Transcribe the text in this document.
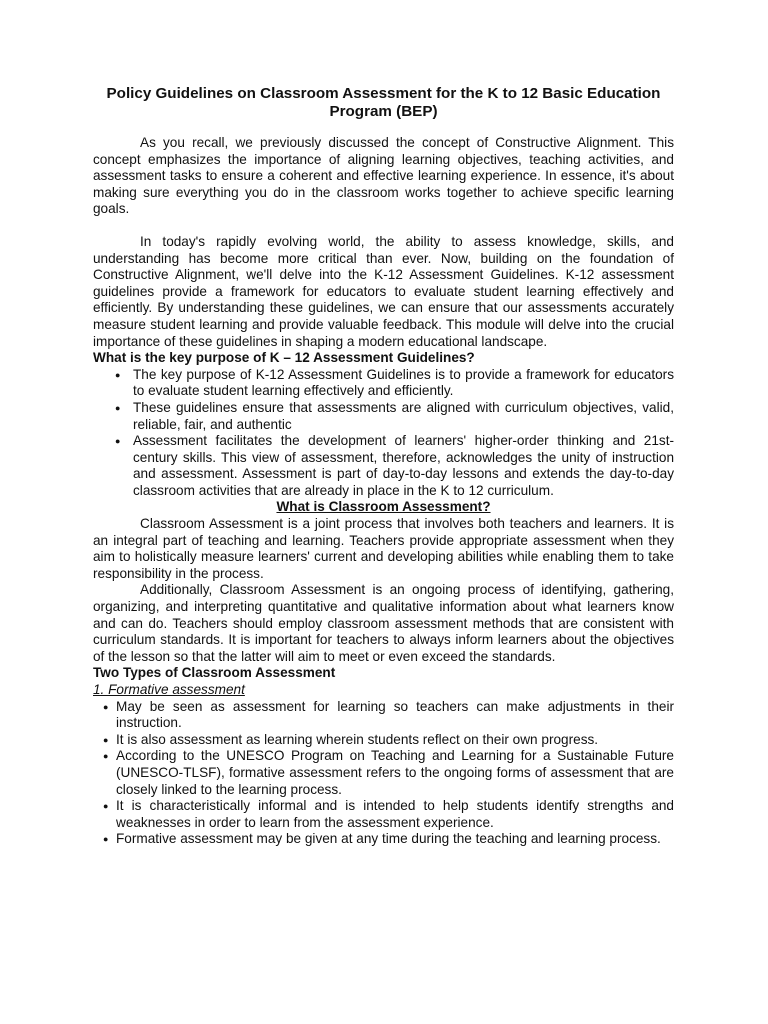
Policy Guidelines on Classroom Assessment for the K to 12 Basic Education Program (BEP)

As you recall, we previously discussed the concept of Constructive Alignment. This concept emphasizes the importance of aligning learning objectives, teaching activities, and assessment tasks to ensure a coherent and effective learning experience. In essence, it's about making sure everything you do in the classroom works together to achieve specific learning goals.

In today's rapidly evolving world, the ability to assess knowledge, skills, and understanding has become more critical than ever. Now, building on the foundation of Constructive Alignment, we'll delve into the K-12 Assessment Guidelines. K-12 assessment guidelines provide a framework for educators to evaluate student learning effectively and efficiently. By understanding these guidelines, we can ensure that our assessments accurately measure student learning and provide valuable feedback. This module will delve into the crucial importance of these guidelines in shaping a modern educational landscape.

What is the key purpose of K – 12 Assessment Guidelines?

● The key purpose of K-12 Assessment Guidelines is to provide a framework for educators to evaluate student learning effectively and efficiently.
● These guidelines ensure that assessments are aligned with curriculum objectives, valid, reliable, fair, and authentic
● Assessment facilitates the development of learners' higher-order thinking and 21st-century skills. This view of assessment, therefore, acknowledges the unity of instruction and assessment. Assessment is part of day-to-day lessons and extends the day-to-day classroom activities that are already in place in the K to 12 curriculum.

What is Classroom Assessment?

Classroom Assessment is a joint process that involves both teachers and learners. It is an integral part of teaching and learning. Teachers provide appropriate assessment when they aim to holistically measure learners' current and developing abilities while enabling them to take responsibility in the process.

Additionally, Classroom Assessment is an ongoing process of identifying, gathering, organizing, and interpreting quantitative and qualitative information about what learners know and can do. Teachers should employ classroom assessment methods that are consistent with curriculum standards. It is important for teachers to always inform learners about the objectives of the lesson so that the latter will aim to meet or even exceed the standards.

Two Types of Classroom Assessment

1. Formative assessment

● May be seen as assessment for learning so teachers can make adjustments in their instruction.
● It is also assessment as learning wherein students reflect on their own progress.
● According to the UNESCO Program on Teaching and Learning for a Sustainable Future (UNESCO-TLSF), formative assessment refers to the ongoing forms of assessment that are closely linked to the learning process.
● It is characteristically informal and is intended to help students identify strengths and weaknesses in order to learn from the assessment experience.
● Formative assessment may be given at any time during the teaching and learning process.
